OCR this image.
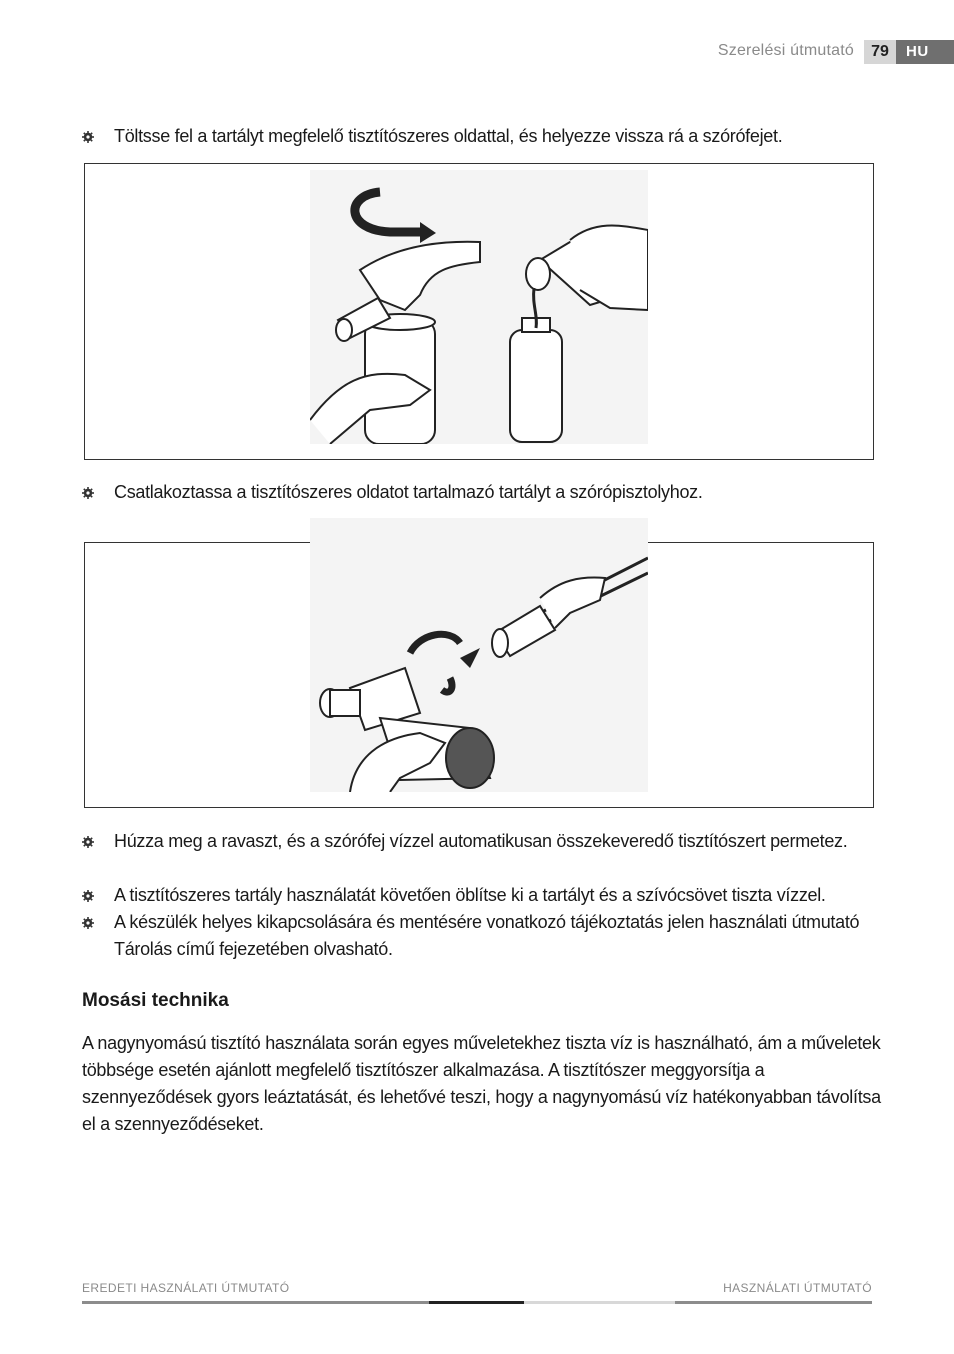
Szerelési útmutató	79	HU
Töltsse fel a tartályt megfelelő tisztítószeres oldattal, és helyezze vissza rá a szórófejet.
Csatlakoztassa a tisztítószeres oldatot tartalmazó tartályt a szórópisztolyhoz.
Húzza meg a ravaszt, és a szórófej vízzel automatikusan összekeveredő tisztítószert permetez.
A tisztítószeres tartály használatát követően öblítse ki a tartályt és a szívócsövet tiszta vízzel.
A készülék helyes kikapcsolására és mentésére vonatkozó tájékoztatás jelen használati útmutató Tárolás című fejezetében olvasható.
Mosási technika
A nagynyomású tisztító használata során egyes műveletekhez tiszta víz is használható, ám a műveletek többsége esetén ajánlott megfelelő tisztítószer alkalmazása. A tisztítószer meggyorsítja a szennyeződések gyors leáztatását, és lehetővé teszi, hogy a nagynyomású víz hatékonyabban távolítsa el a szennyeződéseket.
EREDETI HASZNÁLATI ÚTMUTATÓ	HASZNÁLATI ÚTMUTATÓ
